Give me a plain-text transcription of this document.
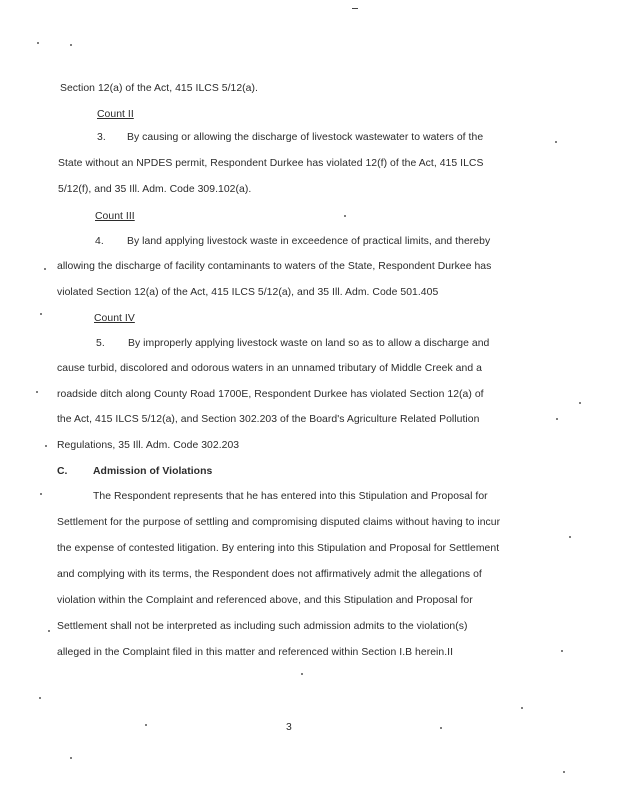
Section 12(a) of the Act, 415 ILCS 5/12(a).
Count II
3. By causing or allowing the discharge of livestock wastewater to waters of the
State without an NPDES permit, Respondent Durkee has violated 12(f) of the Act, 415 ILCS
5/12(f), and 35 Ill. Adm. Code 309.102(a).
Count III
4. By land applying livestock waste in exceedence of practical limits, and thereby
allowing the discharge of facility contaminants to waters of the State, Respondent Durkee has
violated Section 12(a) of the Act, 415 ILCS 5/12(a), and 35 Ill. Adm. Code 501.405
Count IV
5. By improperly applying livestock waste on land so as to allow a discharge and
cause turbid, discolored and odorous waters in an unnamed tributary of Middle Creek and a
roadside ditch along County Road 1700E, Respondent Durkee has violated Section 12(a) of
the Act, 415 ILCS 5/12(a), and Section 302.203 of the Board's Agriculture Related Pollution
Regulations, 35 Ill. Adm. Code 302.203
C. Admission of Violations
The Respondent represents that he has entered into this Stipulation and Proposal for
Settlement for the purpose of settling and compromising disputed claims without having to incur
the expense of contested litigation. By entering into this Stipulation and Proposal for Settlement
and complying with its terms, the Respondent does not affirmatively admit the allegations of
violation within the Complaint and referenced above, and this Stipulation and Proposal for
Settlement shall not be interpreted as including such admission admits to the violation(s)
alleged in the Complaint filed in this matter and referenced within Section I.B herein.II
3
